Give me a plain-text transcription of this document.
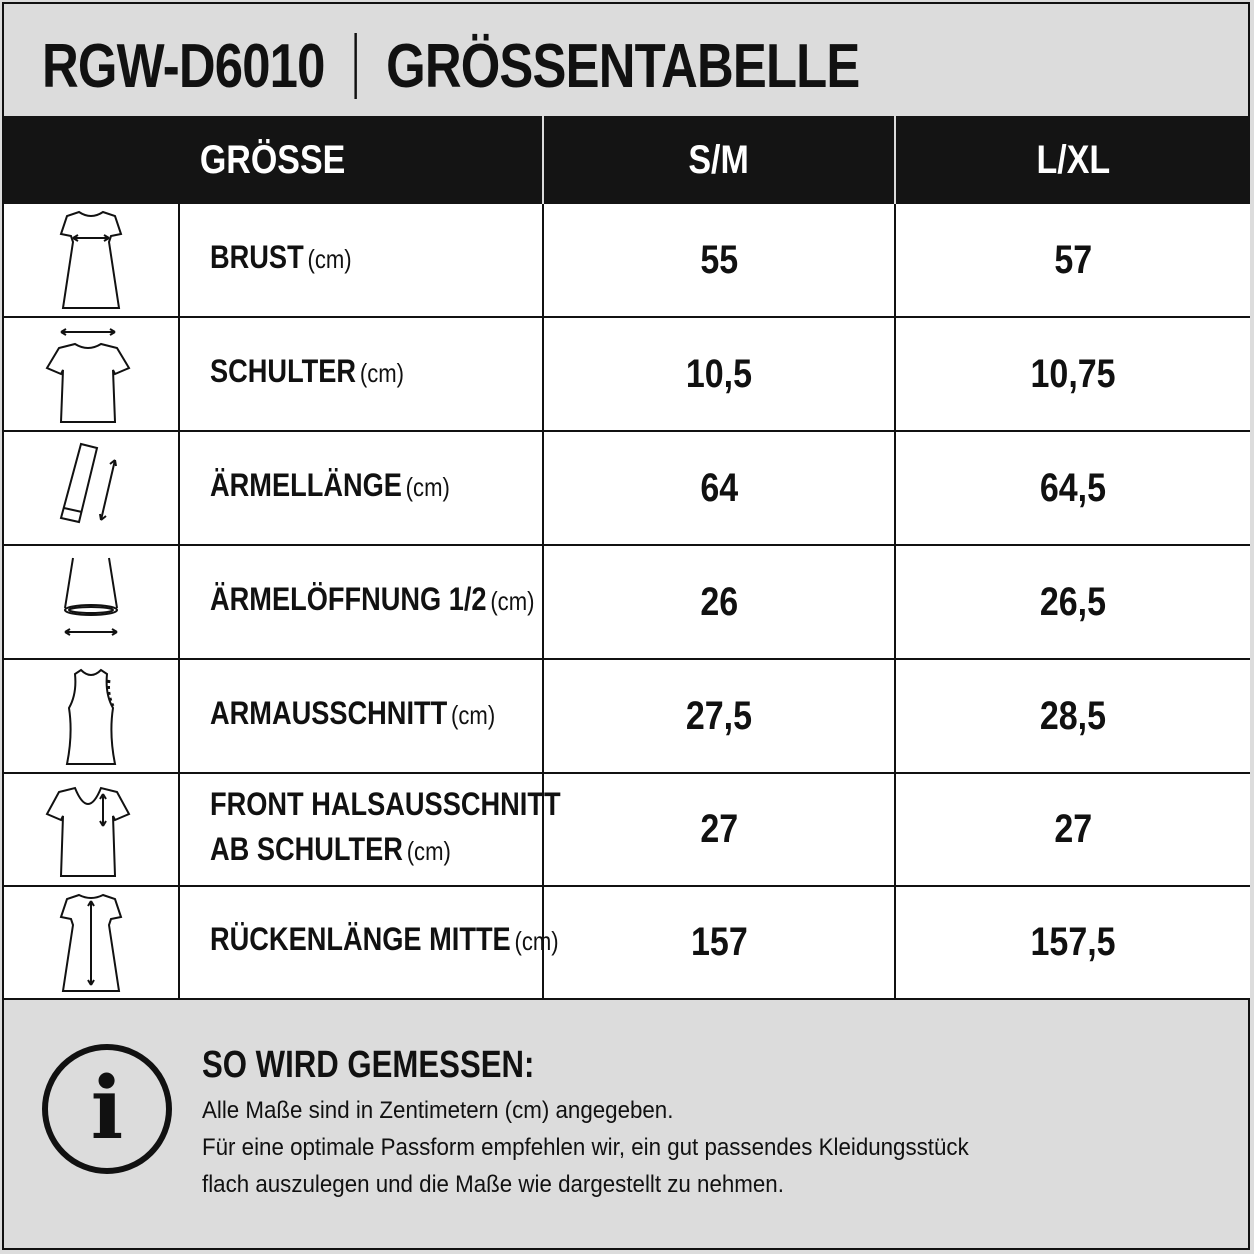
RGW-D6010 GRÖSSENTABELLE
GRÖSSE		S/M	L/XL

	BRUST (cm)	55	57

	SCHULTER (cm)	10,5	10,75

	ÄRMELLÄNGE (cm)	64	64,5

	ÄRMELÖFFNUNG 1/2 (cm)	26	26,5

	ARMAUSSCHNITT (cm)	27,5	28,5

	FRONT HALSAUSSCHNITT
AB SCHULTER (cm)	27	27

	RÜCKENLÄNGE MITTE (cm)	157	157,5
i SO WIRD GEMESSEN:
Alle Maße sind in Zentimetern (cm) angegeben.
Für eine optimale Passform empfehlen wir, ein gut passendes Kleidungsstück
flach auszulegen und die Maße wie dargestellt zu nehmen.
